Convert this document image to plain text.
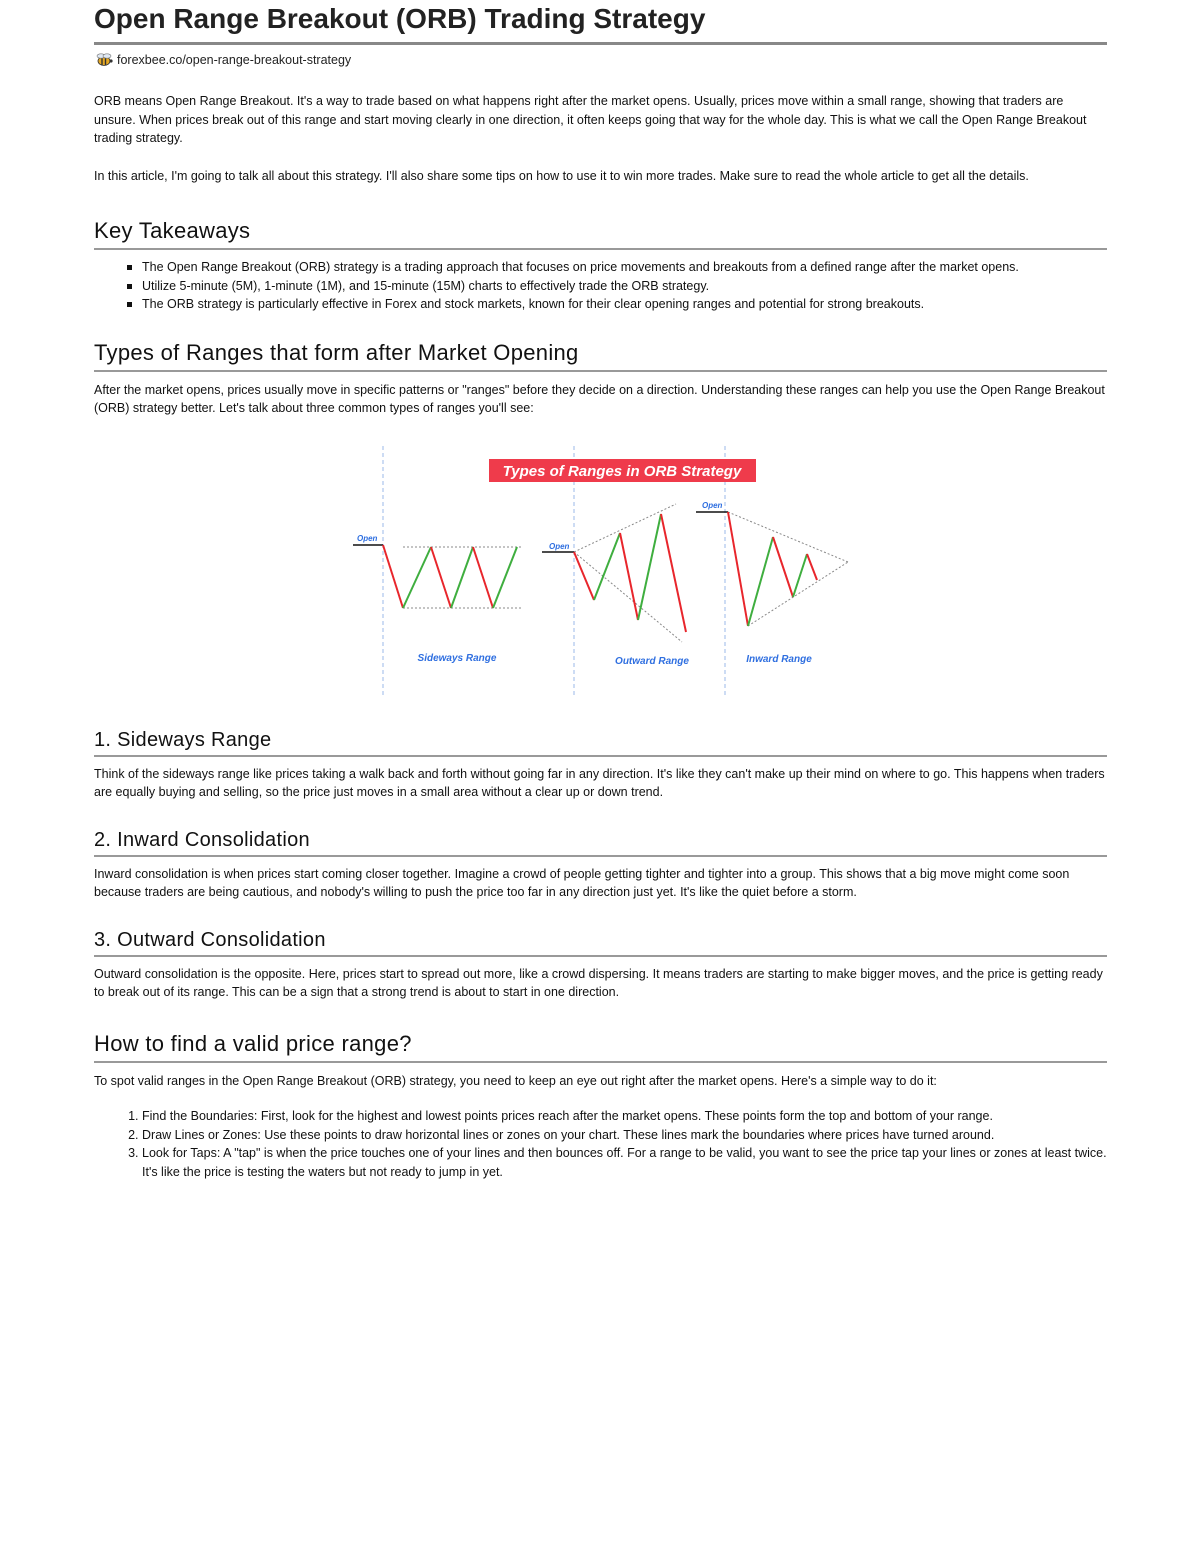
Open Range Breakout (ORB) Trading Strategy
forexbee.co/open-range-breakout-strategy

ORB means Open Range Breakout. It's a way to trade based on what happens right after the market opens. Usually, prices move within a small range, showing that traders are unsure. When prices break out of this range and start moving clearly in one direction, it often keeps going that way for the whole day. This is what we call the Open Range Breakout trading strategy.

In this article, I'm going to talk all about this strategy. I'll also share some tips on how to use it to win more trades. Make sure to read the whole article to get all the details.

Key Takeaways
The Open Range Breakout (ORB) strategy is a trading approach that focuses on price movements and breakouts from a defined range after the market opens.
Utilize 5-minute (5M), 1-minute (1M), and 15-minute (15M) charts to effectively trade the ORB strategy.
The ORB strategy is particularly effective in Forex and stock markets, known for their clear opening ranges and potential for strong breakouts.
Types of Ranges that form after Market Opening

After the market opens, prices usually move in specific patterns or "ranges" before they decide on a direction. Understanding these ranges can help you use the Open Range Breakout (ORB) strategy better. Let's talk about three common types of ranges you'll see:

Types of Ranges in ORB Strategy
Open
Sideways Range
Open
Outward Range
Open
Inward Range
1. Sideways Range

Think of the sideways range like prices taking a walk back and forth without going far in any direction. It's like they can't make up their mind on where to go. This happens when traders are equally buying and selling, so the price just moves in a small area without a clear up or down trend.

2. Inward Consolidation

Inward consolidation is when prices start coming closer together. Imagine a crowd of people getting tighter and tighter into a group. This shows that a big move might come soon because traders are being cautious, and nobody's willing to push the price too far in any direction just yet. It's like the quiet before a storm.

3. Outward Consolidation

Outward consolidation is the opposite. Here, prices start to spread out more, like a crowd dispersing. It means traders are starting to make bigger moves, and the price is getting ready to break out of its range. This can be a sign that a strong trend is about to start in one direction.

How to find a valid price range?

To spot valid ranges in the Open Range Breakout (ORB) strategy, you need to keep an eye out right after the market opens. Here's a simple way to do it:

1. Find the Boundaries: First, look for the highest and lowest points prices reach after the market opens. These points form the top and bottom of your range.
2. Draw Lines or Zones: Use these points to draw horizontal lines or zones on your chart. These lines mark the boundaries where prices have turned around.
3. Look for Taps: A "tap" is when the price touches one of your lines and then bounces off. For a range to be valid, you want to see the price tap your lines or zones at least twice. It's like the price is testing the waters but not ready to jump in yet.
